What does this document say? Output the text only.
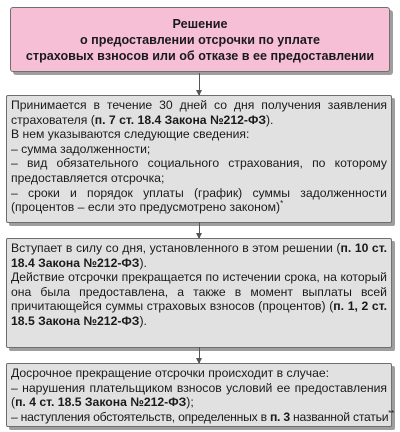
Решение
о предоставлении отсрочки по уплате
страховых взносов или об отказе в ее предоставлении

Принимается в течение 30 дней со дня получения заявления страхователя (п. 7 ст. 18.4 Закона №212-ФЗ).

В нем указываются следующие сведения:

– сумма задолженности;

– вид обязательного социального страхования, по которому предоставляется отсрочка;

– сроки и порядок уплаты (график) суммы задолженности (процентов – если это предусмотрено законом)*

Вступает в силу со дня, установленного в этом решении (п. 10 ст. 18.4 Закона №212-ФЗ).

Действие отсрочки прекращается по истечении срока, на который она была предоставлена, а также в момент выплаты всей причитающейся суммы страховых взносов (процентов) (п. 1, 2 ст. 18.5 Закона №212-ФЗ).

Досрочное прекращение отсрочки происходит в случае:

– нарушения плательщиком взносов условий ее предоставления (п. 4 ст. 18.5 Закона №212-ФЗ);

– наступления обстоятельств, определенных в п. 3 названной статьи**
